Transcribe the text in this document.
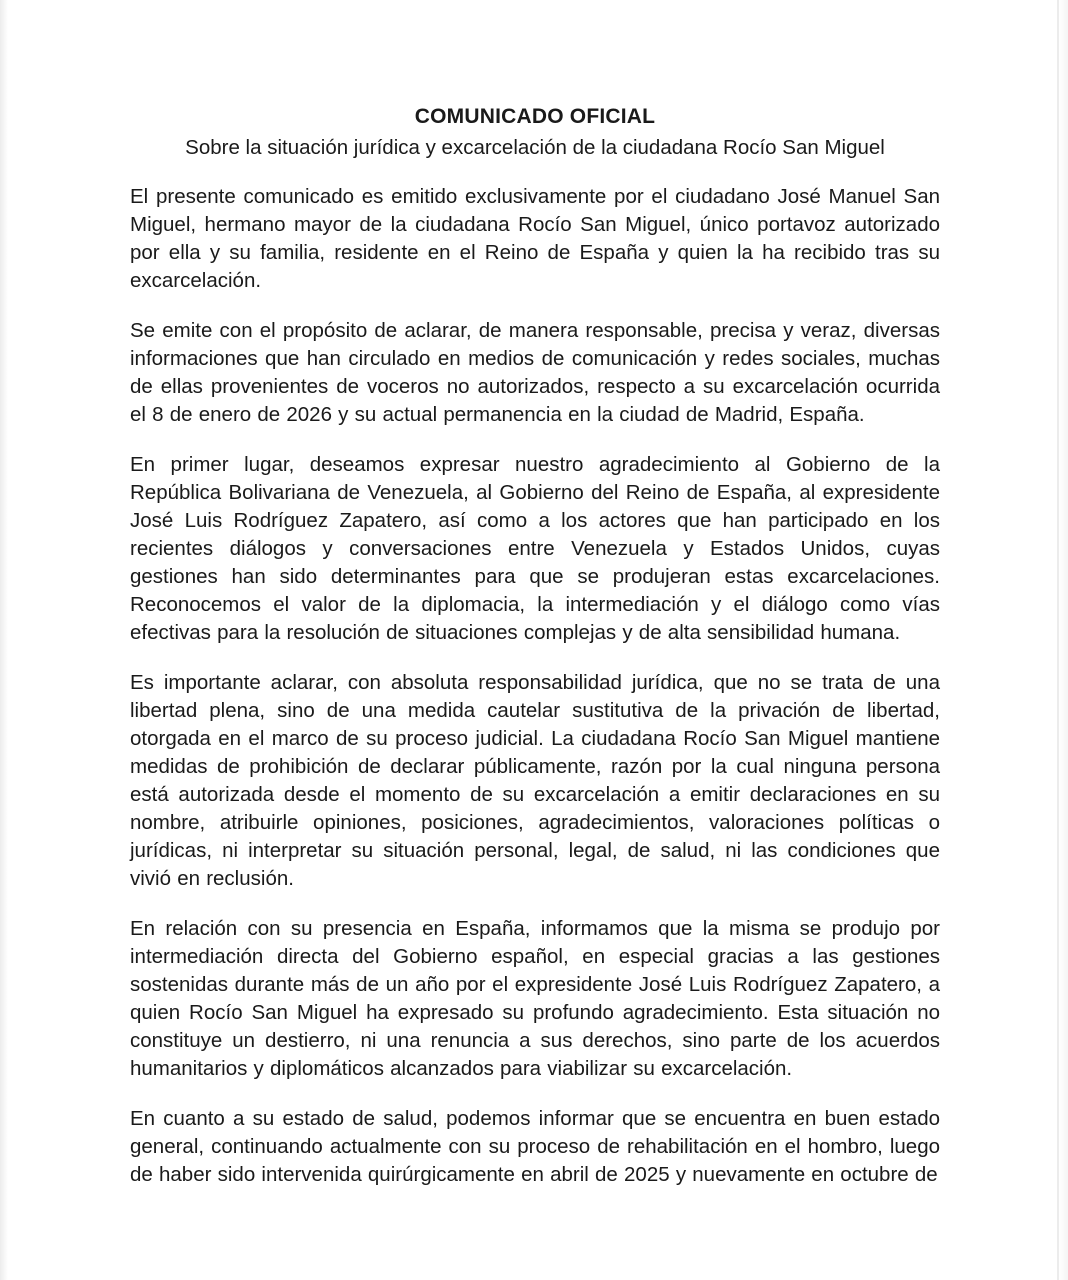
COMUNICADO OFICIAL
Sobre la situación jurídica y excarcelación de la ciudadana Rocío San Miguel

El presente comunicado es emitido exclusivamente por el ciudadano José Manuel San Miguel, hermano mayor de la ciudadana Rocío San Miguel, único portavoz autorizado por ella y su familia, residente en el Reino de España y quien la ha recibido tras su excarcelación.

Se emite con el propósito de aclarar, de manera responsable, precisa y veraz, diversas informaciones que han circulado en medios de comunicación y redes sociales, muchas de ellas provenientes de voceros no autorizados, respecto a su excarcelación ocurrida el 8 de enero de 2026 y su actual permanencia en la ciudad de Madrid, España.

En primer lugar, deseamos expresar nuestro agradecimiento al Gobierno de la República Bolivariana de Venezuela, al Gobierno del Reino de España, al expresidente José Luis Rodríguez Zapatero, así como a los actores que han participado en los recientes diálogos y conversaciones entre Venezuela y Estados Unidos, cuyas gestiones han sido determinantes para que se produjeran estas excarcelaciones. Reconocemos el valor de la diplomacia, la intermediación y el diálogo como vías efectivas para la resolución de situaciones complejas y de alta sensibilidad humana.

Es importante aclarar, con absoluta responsabilidad jurídica, que no se trata de una libertad plena, sino de una medida cautelar sustitutiva de la privación de libertad, otorgada en el marco de su proceso judicial. La ciudadana Rocío San Miguel mantiene medidas de prohibición de declarar públicamente, razón por la cual ninguna persona está autorizada desde el momento de su excarcelación a emitir declaraciones en su nombre, atribuirle opiniones, posiciones, agradecimientos, valoraciones políticas o jurídicas, ni interpretar su situación personal, legal, de salud, ni las condiciones que vivió en reclusión.

En relación con su presencia en España, informamos que la misma se produjo por intermediación directa del Gobierno español, en especial gracias a las gestiones sostenidas durante más de un año por el expresidente José Luis Rodríguez Zapatero, a quien Rocío San Miguel ha expresado su profundo agradecimiento. Esta situación no constituye un destierro, ni una renuncia a sus derechos, sino parte de los acuerdos humanitarios y diplomáticos alcanzados para viabilizar su excarcelación.

En cuanto a su estado de salud, podemos informar que se encuentra en buen estado general, continuando actualmente con su proceso de rehabilitación en el hombro, luego de haber sido intervenida quirúrgicamente en abril de 2025 y nuevamente en octubre de
